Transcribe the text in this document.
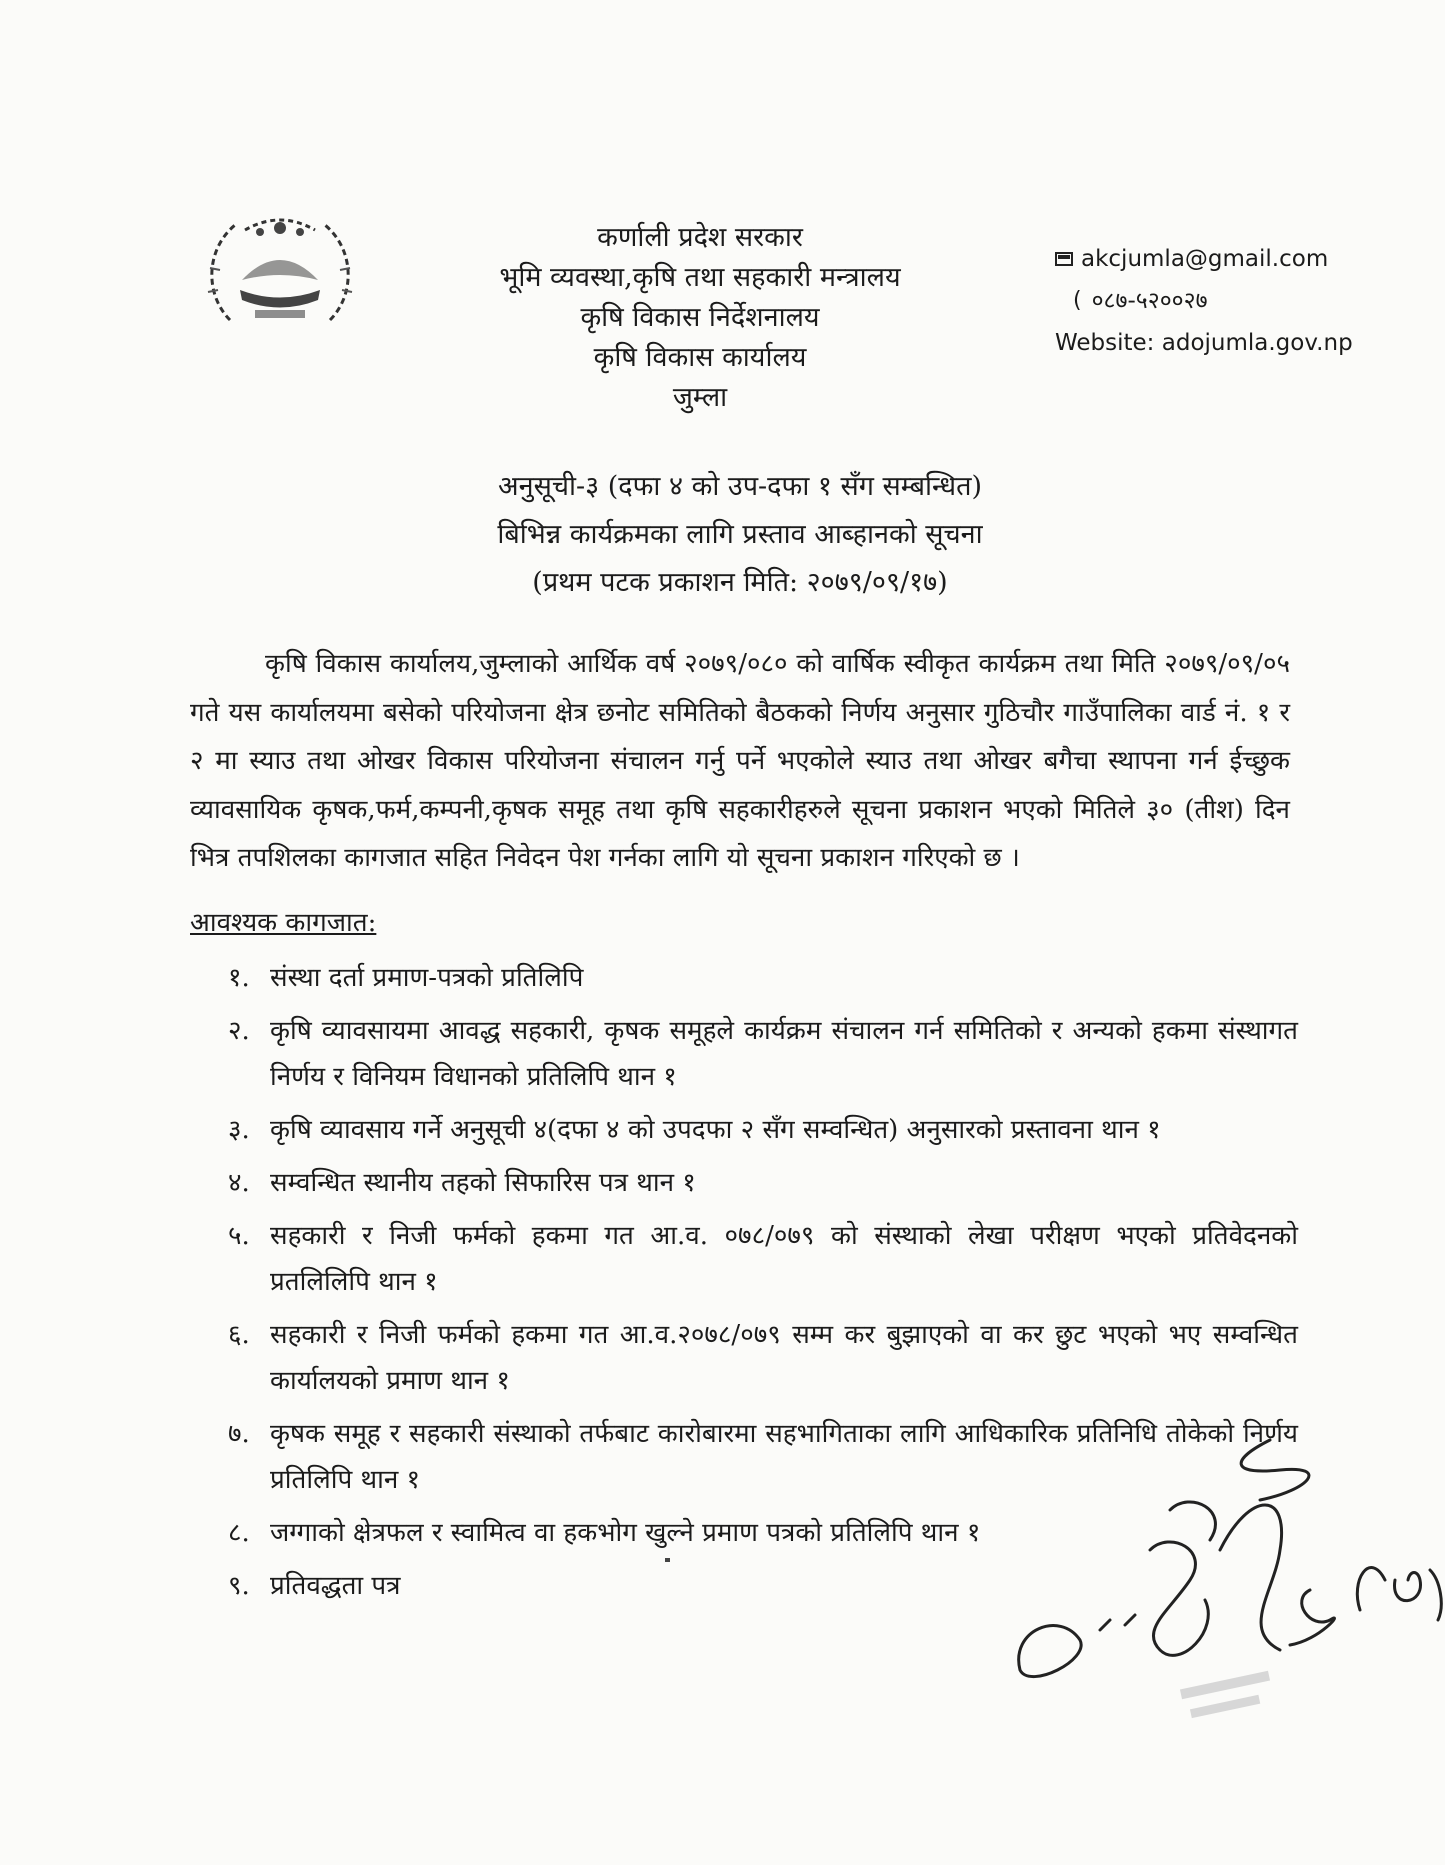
कर्णाली प्रदेश सरकार
भूमि व्यवस्था,कृषि तथा सहकारी मन्त्रालय
कृषि विकास निर्देशनालय
कृषि विकास कार्यालय
जुम्ला
akcjumla@gmail.com
( ०८७-५२००२७
Website: adojumla.gov.np
अनुसूची-३ (दफा ४ को उप-दफा १ सँग सम्बन्धित)
बिभिन्न कार्यक्रमका लागि प्रस्ताव आब्हानको सूचना
(प्रथम पटक प्रकाशन मिति: २०७९/०९/१७)
कृषि विकास कार्यालय,जुम्लाको आर्थिक वर्ष २०७९/०८० को वार्षिक स्वीकृत कार्यक्रम तथा मिति २०७९/०९/०५ गते यस कार्यालयमा बसेको परियोजना क्षेत्र छनोट समितिको बैठकको निर्णय अनुसार गुठिचौर गाउँपालिका वार्ड नं. १ र २ मा स्याउ तथा ओखर विकास परियोजना संचालन गर्नु पर्ने भएकोले स्याउ तथा ओखर बगैचा स्थापना गर्न ईच्छुक व्यावसायिक कृषक,फर्म,कम्पनी,कृषक समूह तथा कृषि सहकारीहरुले सूचना प्रकाशन भएको मितिले ३० (तीश) दिन भित्र तपशिलका कागजात सहित निवेदन पेश गर्नका लागि यो सूचना प्रकाशन गरिएको छ ।
आवश्यक कागजात:
१. संस्था दर्ता प्रमाण-पत्रको प्रतिलिपि
२. कृषि व्यावसायमा आवद्ध सहकारी, कृषक समूहले कार्यक्रम संचालन गर्न समितिको र अन्यको हकमा संस्थागत निर्णय र विनियम विधानको प्रतिलिपि थान १
३. कृषि व्यावसाय गर्ने अनुसूची ४(दफा ४ को उपदफा २ सँग सम्वन्धित) अनुसारको प्रस्तावना थान १
४. सम्वन्धित स्थानीय तहको सिफारिस पत्र थान १
५. सहकारी र निजी फर्मको हकमा गत आ.व. ०७८/०७९ को संस्थाको लेखा परीक्षण भएको प्रतिवेदनको प्रतलिलिपि थान १
६. सहकारी र निजी फर्मको हकमा गत आ.व.२०७८/०७९ सम्म कर बुझाएको वा कर छुट भएको भए सम्वन्धित कार्यालयको प्रमाण थान १
७. कृषक समूह र सहकारी संस्थाको तर्फबाट कारोबारमा सहभागिताका लागि आधिकारिक प्रतिनिधि तोकेको निर्णय प्रतिलिपि थान १
८. जग्गाको क्षेत्रफल र स्वामित्व वा हकभोग खुल्ने प्रमाण पत्रको प्रतिलिपि थान १
९. प्रतिवद्धता पत्र
